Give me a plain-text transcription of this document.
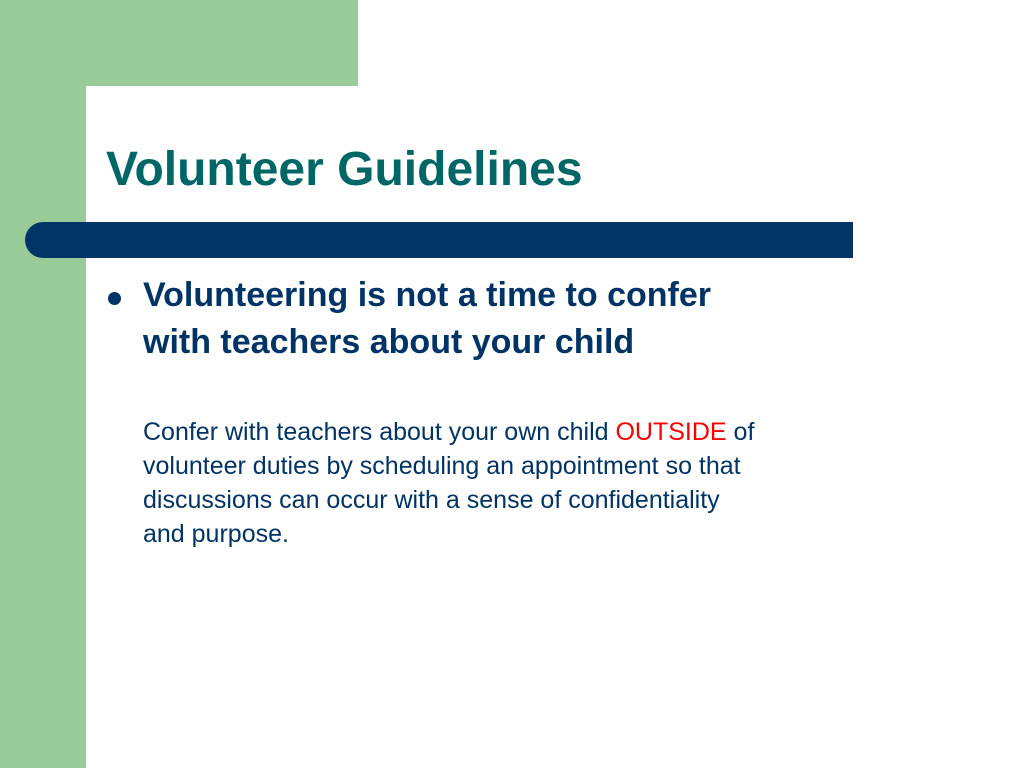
Volunteer Guidelines

Volunteering is not a time to confer
with teachers about your child

Confer with teachers about your own child OUTSIDE of
volunteer duties by scheduling an appointment so that
discussions can occur with a sense of confidentiality
and purpose.
